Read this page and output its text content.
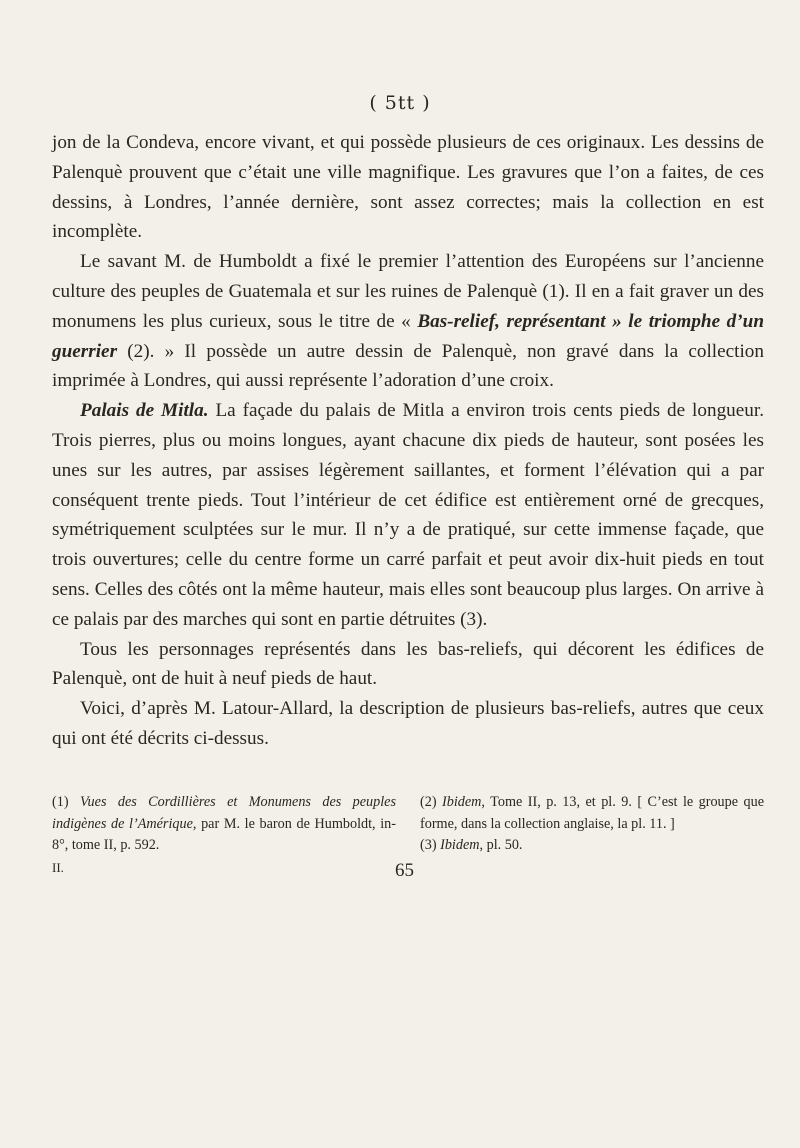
( 5tt )

jon de la Condeva, encore vivant, et qui possède plusieurs de ces originaux. Les dessins de Palenquè prouvent que c’était une ville magnifique. Les gravures que l’on a faites, de ces dessins, à Londres, l’année dernière, sont assez correctes; mais la collection en est incomplète.

Le savant M. de Humboldt a fixé le premier l’attention des Européens sur l’ancienne culture des peuples de Guatemala et sur les ruines de Palenquè (1). Il en a fait graver un des monumens les plus curieux, sous le titre de « Bas-relief, représentant » le triomphe d’un guerrier (2). » Il possède un autre dessin de Palenquè, non gravé dans la collection imprimée à Londres, qui aussi représente l’adoration d’une croix.

Palais de Mitla. La façade du palais de Mitla a environ trois cents pieds de longueur. Trois pierres, plus ou moins longues, ayant chacune dix pieds de hauteur, sont posées les unes sur les autres, par assises légèrement saillantes, et forment l’élévation qui a par conséquent trente pieds. Tout l’intérieur de cet édifice est entièrement orné de grecques, symétriquement sculptées sur le mur. Il n’y a de pratiqué, sur cette immense façade, que trois ouvertures; celle du centre forme un carré parfait et peut avoir dix-huit pieds en tout sens. Celles des côtés ont la même hauteur, mais elles sont beaucoup plus larges. On arrive à ce palais par des marches qui sont en partie détruites (3).

Tous les personnages représentés dans les bas-reliefs, qui décorent les édifices de Palenquè, ont de huit à neuf pieds de haut.

Voici, d’après M. Latour-Allard, la description de plusieurs bas-reliefs, autres que ceux qui ont été décrits ci-dessus.

(1) Vues des Cordillières et Monumens des peuples indigènes de l’Amérique, par M. le baron de Humboldt, in-8°, tome II, p. 592.

(2) Ibidem, Tome II, p. 13, et pl. 9. [ C’est le groupe que forme, dans la collection anglaise, la pl. 11. ]

(3) Ibidem, pl. 50.

II.	65
